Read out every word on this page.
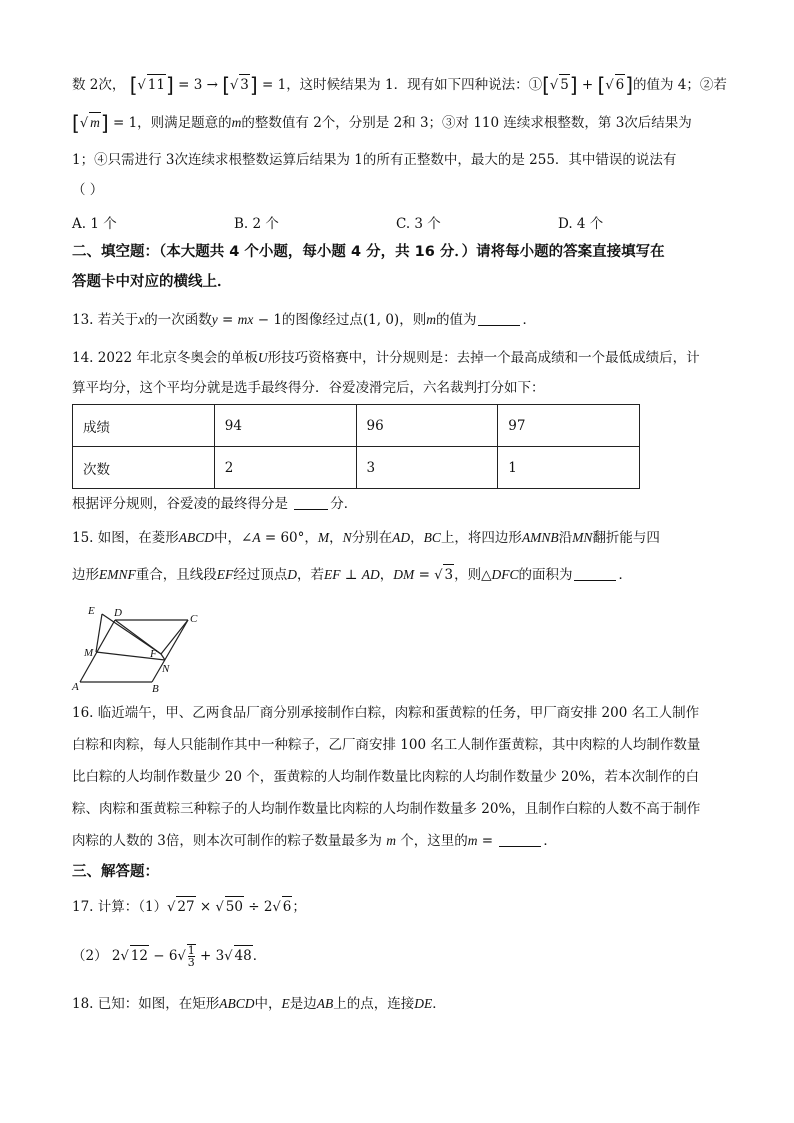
数 2次， [√ 11] = 3 → [√ 3] = 1，这时候结果为 1．现有如下四种说法：①[√ 5] + [√ 6]的值为 4；②若
[√ m] = 1，则满足题意的m的整数值有 2个，分别是 2和 3；③对 110 连续求根整数，第 3次后结果为
1；④只需进行 3次连续求根整数运算后结果为 1的所有正整数中，最大的是 255．其中错误的说法有
（ ）
A. 1 个	B. 2 个	C. 3 个	D. 4 个
二、填空题：（本大题共 4 个小题，每小题 4 分，共 16 分．）请将每小题的答案直接填写在
答题卡中对应的横线上．
13. 若关于x的一次函数y = mx − 1的图像经过点(1, 0)，则m的值为	．
14. 2022 年北京冬奥会的单板U形技巧资格赛中，计分规则是：去掉一个最高成绩和一个最低成绩后，计
算平均分，这个平均分就是选手最终得分．谷爱凌滑完后，六名裁判打分如下：
成绩	94	96	97
次数	2	3	1
根据评分规则，谷爱凌的最终得分是	分．
15. 如图，在菱形ABCD中，∠A = 60°，M，N分别在AD，BC上，将四边形AMNB沿MN翻折能与四
边形EMNF重合，且线段EF经过顶点D，若EF ⊥ AD，DM = √ 3，则△DFC的面积为	．
E D	C
M	F
N
A	B
16. 临近端午，甲、乙两食品厂商分别承接制作白粽，肉粽和蛋黄粽的任务，甲厂商安排 200 名工人制作
白粽和肉粽，每人只能制作其中一种粽子，乙厂商安排 100 名工人制作蛋黄粽，其中肉粽的人均制作数量
比白粽的人均制作数量少 20 个，蛋黄粽的人均制作数量比肉粽的人均制作数量少 20%，若本次制作的白
粽、肉粽和蛋黄粽三种粽子的人均制作数量比肉粽的人均制作数量多 20%，且制作白粽的人数不高于制作
肉粽的人数的 3倍，则本次可制作的粽子数量最多为 m 个，这里的m =	．
三、解答题：
17. 计算：（1）√ 27 × √ 50 ÷ 2√ 6；
（2） 2√ $12 - 6√ \frac{1}{3} + 3√$ 48．
18. 已知：如图，在矩形ABCD中，E是边AB上的点，连接DE．
